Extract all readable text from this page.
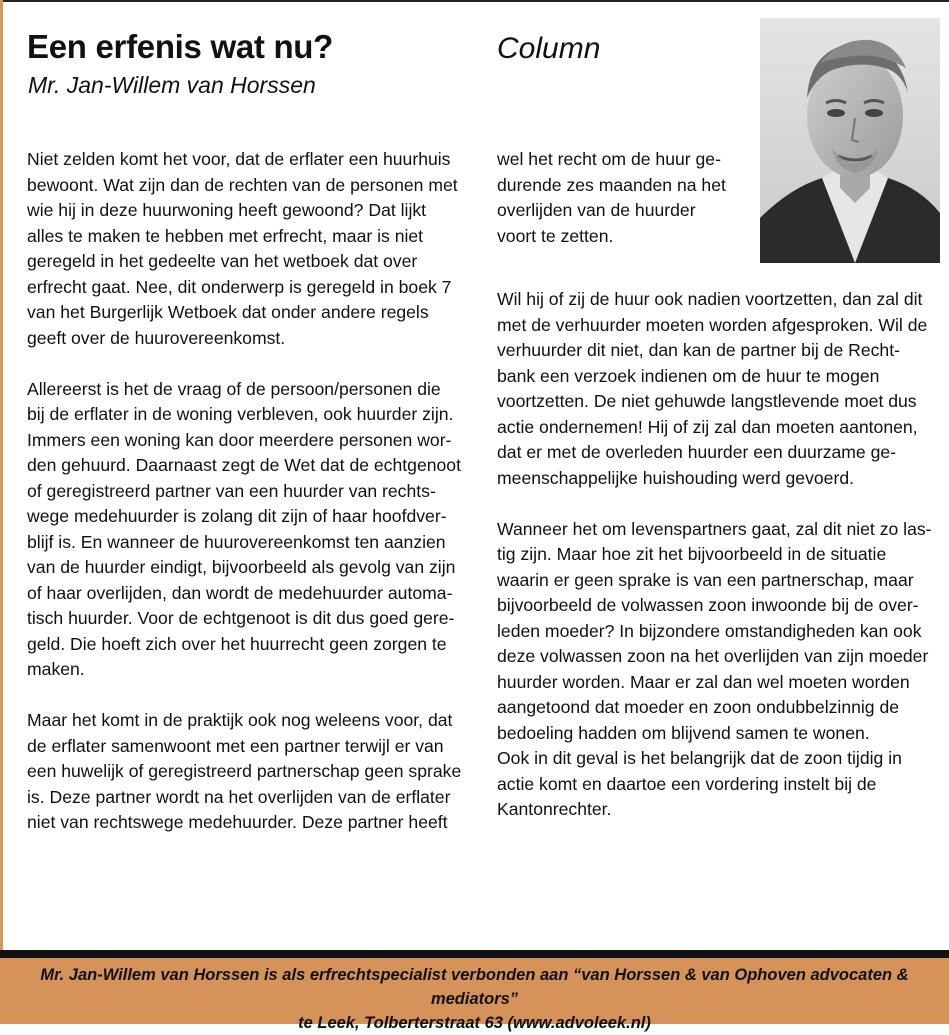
Een erfenis wat nu?
Mr. Jan-Willem van Horssen
Column

Niet zelden komt het voor, dat de erflater een huurhuis
bewoont. Wat zijn dan de rechten van de personen met
wie hij in deze huurwoning heeft gewoond? Dat lijkt
alles te maken te hebben met erfrecht, maar is niet
geregeld in het gedeelte van het wetboek dat over
erfrecht gaat. Nee, dit onderwerp is geregeld in boek 7
van het Burgerlijk Wetboek dat onder andere regels
geeft over de huurovereenkomst.

Allereerst is het de vraag of de persoon/personen die
bij de erflater in de woning verbleven, ook huurder zijn.
Immers een woning kan door meerdere personen wor-
den gehuurd. Daarnaast zegt de Wet dat de echtgenoot
of geregistreerd partner van een huurder van rechts-
wege medehuurder is zolang dit zijn of haar hoofdver-
blijf is. En wanneer de huurovereenkomst ten aanzien
van de huurder eindigt, bijvoorbeeld als gevolg van zijn
of haar overlijden, dan wordt de medehuurder automa-
tisch huurder. Voor de echtgenoot is dit dus goed gere-
geld. Die hoeft zich over het huurrecht geen zorgen te
maken.

Maar het komt in de praktijk ook nog weleens voor, dat
de erflater samenwoont met een partner terwijl er van
een huwelijk of geregistreerd partnerschap geen sprake
is. Deze partner wordt na het overlijden van de erflater
niet van rechtswege medehuurder. Deze partner heeft

wel het recht om de huur ge-
durende zes maanden na het
overlijden van de huurder
voort te zetten.

Wil hij of zij de huur ook nadien voortzetten, dan zal dit
met de verhuurder moeten worden afgesproken. Wil de
verhuurder dit niet, dan kan de partner bij de Recht-
bank een verzoek indienen om de huur te mogen
voortzetten. De niet gehuwde langstlevende moet dus
actie ondernemen! Hij of zij zal dan moeten aantonen,
dat er met de overleden huurder een duurzame ge-
meenschappelijke huishouding werd gevoerd.

Wanneer het om levenspartners gaat, zal dit niet zo las-
tig zijn. Maar hoe zit het bijvoorbeeld in de situatie
waarin er geen sprake is van een partnerschap, maar
bijvoorbeeld de volwassen zoon inwoonde bij de over-
leden moeder? In bijzondere omstandigheden kan ook
deze volwassen zoon na het overlijden van zijn moeder
huurder worden. Maar er zal dan wel moeten worden
aangetoond dat moeder en zoon ondubbelzinnig de
bedoeling hadden om blijvend samen te wonen.
Ook in dit geval is het belangrijk dat de zoon tijdig in
actie komt en daartoe een vordering instelt bij de
Kantonrechter.

Mr. Jan-Willem van Horssen is als erfrechtspecialist verbonden aan “van Horssen & van Ophoven advocaten & mediators”
te Leek, Tolberterstraat 63 (www.advoleek.nl)
